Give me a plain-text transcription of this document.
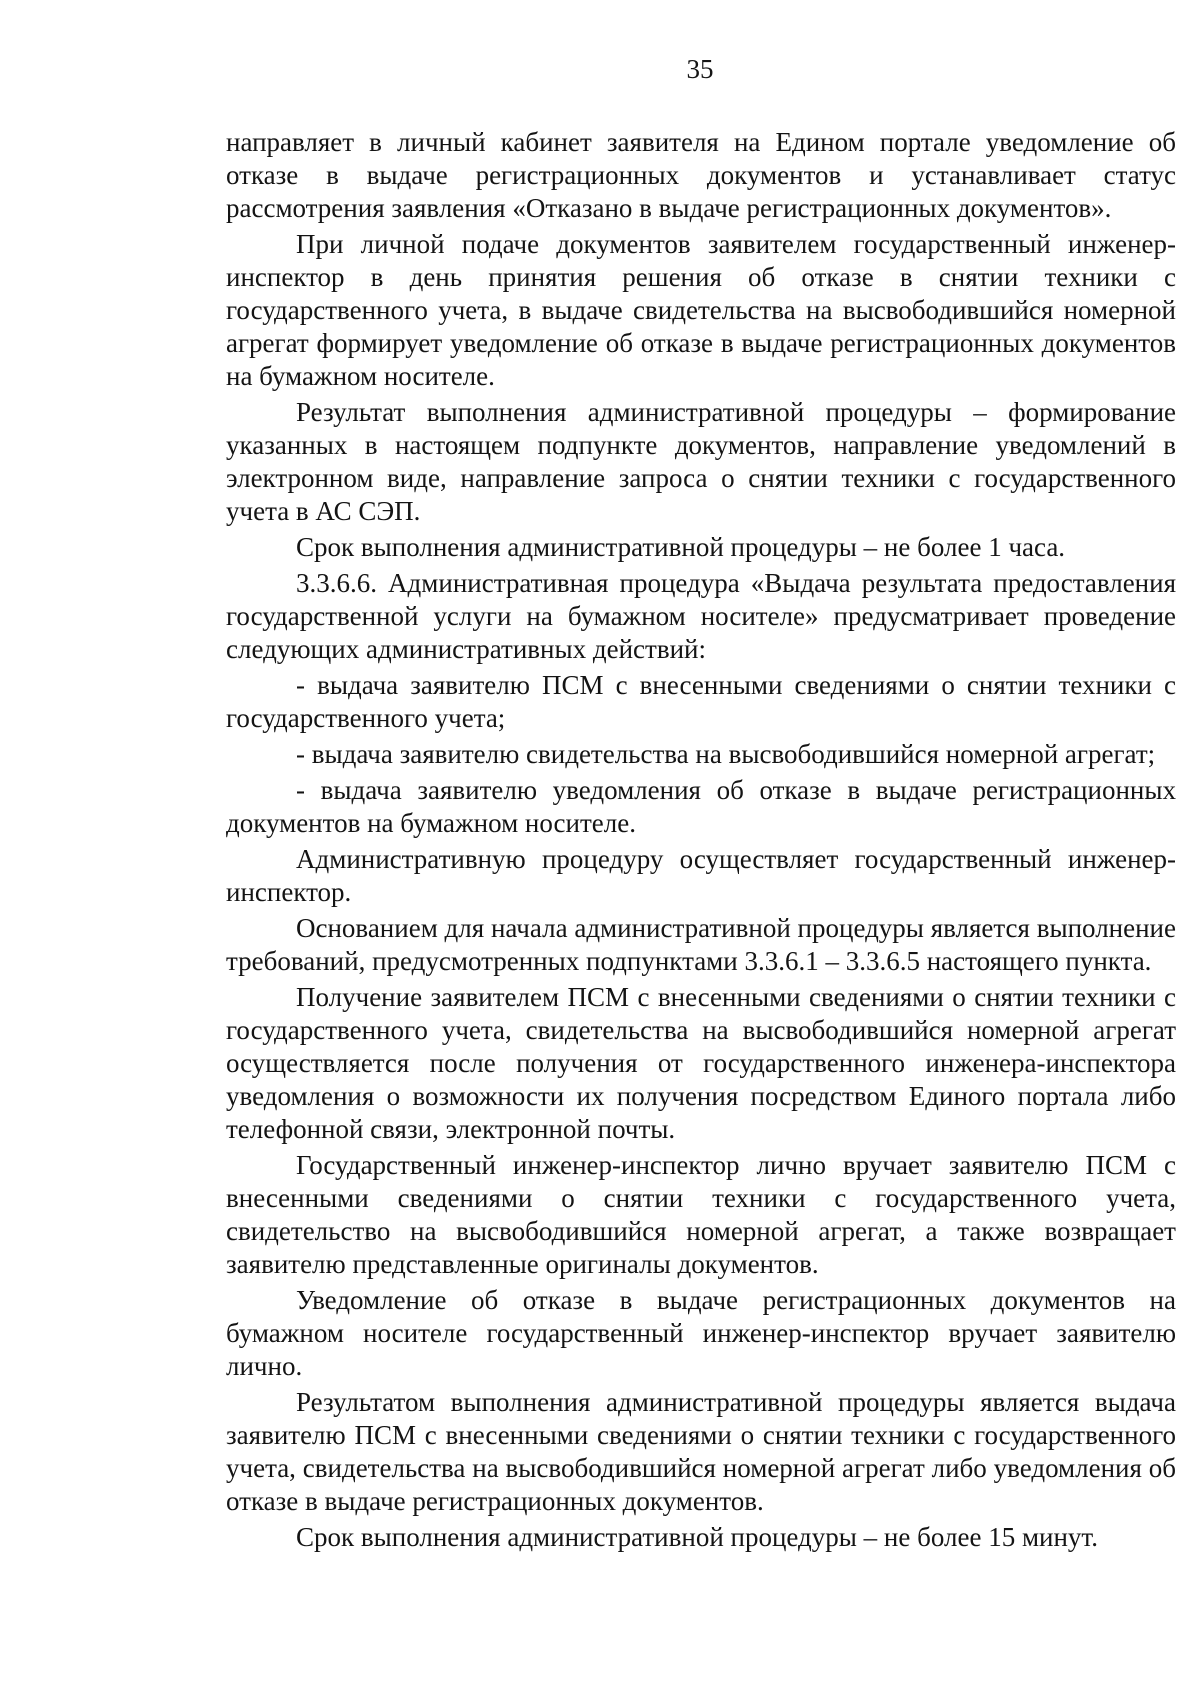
35

направляет в личный кабинет заявителя на Едином портале уведомление об отказе в выдаче регистрационных документов и устанавливает статус рассмотрения заявления «Отказано в выдаче регистрационных документов».

При личной подаче документов заявителем государственный инженер-инспектор в день принятия решения об отказе в снятии техники с государственного учета, в выдаче свидетельства на высвободившийся номерной агрегат формирует уведомление об отказе в выдаче регистрационных документов на бумажном носителе.

Результат выполнения административной процедуры – формирование указанных в настоящем подпункте документов, направление уведомлений в электронном виде, направление запроса о снятии техники с государственного учета в АС СЭП.

Срок выполнения административной процедуры – не более 1 часа.

3.3.6.6. Административная процедура «Выдача результата предоставления государственной услуги на бумажном носителе» предусматривает проведение следующих административных действий:

- выдача заявителю ПСМ с внесенными сведениями о снятии техники с государственного учета;

- выдача заявителю свидетельства на высвободившийся номерной агрегат;

- выдача заявителю уведомления об отказе в выдаче регистрационных документов на бумажном носителе.

Административную процедуру осуществляет государственный инженер-инспектор.

Основанием для начала административной процедуры является выполнение требований, предусмотренных подпунктами 3.3.6.1 – 3.3.6.5 настоящего пункта.

Получение заявителем ПСМ с внесенными сведениями о снятии техники с государственного учета, свидетельства на высвободившийся номерной агрегат осуществляется после получения от государственного инженера-инспектора уведомления о возможности их получения посредством Единого портала либо телефонной связи, электронной почты.

Государственный инженер-инспектор лично вручает заявителю ПСМ с внесенными сведениями о снятии техники с государственного учета, свидетельство на высвободившийся номерной агрегат, а также возвращает заявителю представленные оригиналы документов.

Уведомление об отказе в выдаче регистрационных документов на бумажном носителе государственный инженер-инспектор вручает заявителю лично.

Результатом выполнения административной процедуры является выдача заявителю ПСМ с внесенными сведениями о снятии техники с государственного учета, свидетельства на высвободившийся номерной агрегат либо уведомления об отказе в выдаче регистрационных документов.

Срок выполнения административной процедуры – не более 15 минут.
